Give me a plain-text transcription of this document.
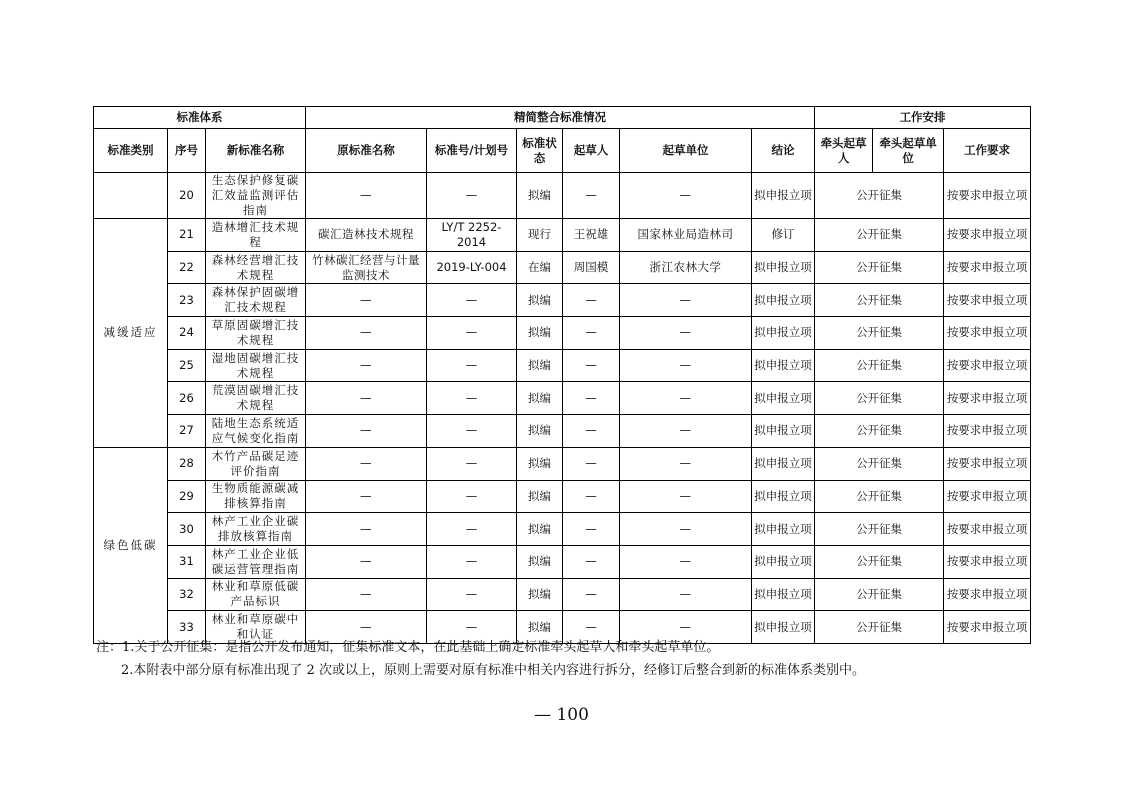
标准体系			精简整合标准情况						工作安排		
标准类别	序号	新标准名称	原标准名称	标准号/计划号	标准状态	起草人	起草单位	结论	牵头起草人	牵头起草单位	工作要求
	20	生态保护修复碳汇效益监测评估指南	—	—	拟编	—	—	拟申报立项	公开征集		按要求申报立项
减缓适应	21	造林增汇技术规程	碳汇造林技术规程	LY/T 2252-2014	现行	王祝雄	国家林业局造林司	修订	公开征集		按要求申报立项
	22	森林经营增汇技术规程	竹林碳汇经营与计量监测技术	2019-LY-004	在编	周国模	浙江农林大学	拟申报立项	公开征集		按要求申报立项
	23	森林保护固碳增汇技术规程	—	—	拟编	—	—	拟申报立项	公开征集		按要求申报立项
	24	草原固碳增汇技术规程	—	—	拟编	—	—	拟申报立项	公开征集		按要求申报立项
	25	湿地固碳增汇技术规程	—	—	拟编	—	—	拟申报立项	公开征集		按要求申报立项
	26	荒漠固碳增汇技术规程	—	—	拟编	—	—	拟申报立项	公开征集		按要求申报立项
	27	陆地生态系统适应气候变化指南	—	—	拟编	—	—	拟申报立项	公开征集		按要求申报立项
绿色低碳	28	木竹产品碳足迹评价指南	—	—	拟编	—	—	拟申报立项	公开征集		按要求申报立项
	29	生物质能源碳减排核算指南	—	—	拟编	—	—	拟申报立项	公开征集		按要求申报立项
	30	林产工业企业碳排放核算指南	—	—	拟编	—	—	拟申报立项	公开征集		按要求申报立项
	31	林产工业企业低碳运营管理指南	—	—	拟编	—	—	拟申报立项	公开征集		按要求申报立项
	32	林业和草原低碳产品标识	—	—	拟编	—	—	拟申报立项	公开征集		按要求申报立项
	33	林业和草原碳中和认证	—	—	拟编	—	—	拟申报立项	公开征集		按要求申报立项

注：1.关于公开征集：是指公开发布通知，征集标准文本，在此基础上确定标准牵头起草人和牵头起草单位。

2.本附表中部分原有标准出现了 2 次或以上，原则上需要对原有标准中相关内容进行拆分，经修订后整合到新的标准体系类别中。

— 100
